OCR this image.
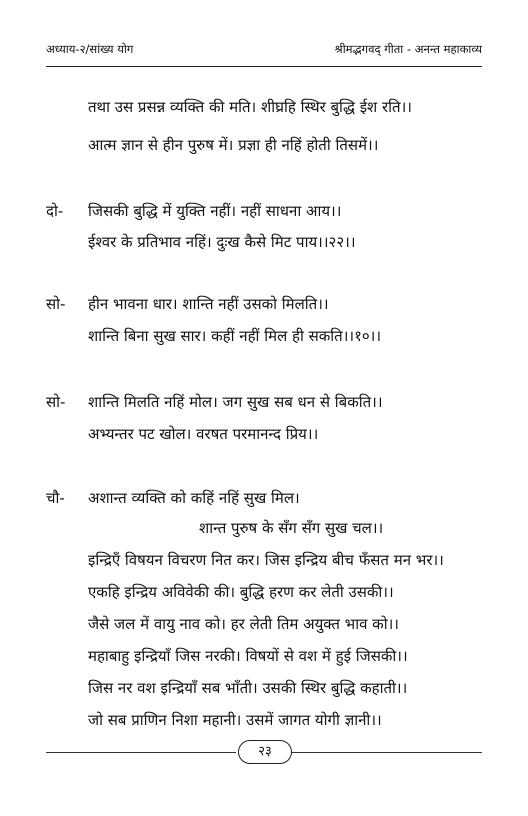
अध्याय-२/सांख्य योग	श्रीमद्भगवद् गीता - अनन्त महाकाव्य
तथा उस प्रसन्न व्यक्ति की मति। शीघ्रहि स्थिर बुद्धि ईश रति।।
आत्म ज्ञान से हीन पुरुष में। प्रज्ञा ही नहिं होती तिसमें।।
दो- जिसकी बुद्धि में युक्ति नहीं। नहीं साधना आय।।
ईश्वर के प्रतिभाव नहिं। दुःख कैसे मिट पाय।।२२।।
सो- हीन भावना धार। शान्ति नहीं उसको मिलति।।
शान्ति बिना सुख सार। कहीं नहीं मिल ही सकति।।१०।।
सो- शान्ति मिलति नहिं मोल। जग सुख सब धन से बिकति।।
अभ्यन्तर पट खोल। वरषत परमानन्द प्रिय।।
चौ- अशान्त व्यक्ति को कहिं नहिं सुख मिल।
शान्त पुरुष के सँग सँग सुख चल।।
इन्द्रिएँ विषयन विचरण नित कर। जिस इन्द्रिय बीच फँसत मन भर।।
एकहि इन्द्रिय अविवेकी की। बुद्धि हरण कर लेती उसकी।।
जैसे जल में वायु नाव को। हर लेती तिम अयुक्त भाव को।।
महाबाहु इन्द्रियाँ जिस नरकी। विषयों से वश में हुई जिसकी।।
जिस नर वश इन्द्रियाँ सब भाँती। उसकी स्थिर बुद्धि कहाती।।
जो सब प्राणिन निशा महानी। उसमें जागत योगी ज्ञानी।।
२३
